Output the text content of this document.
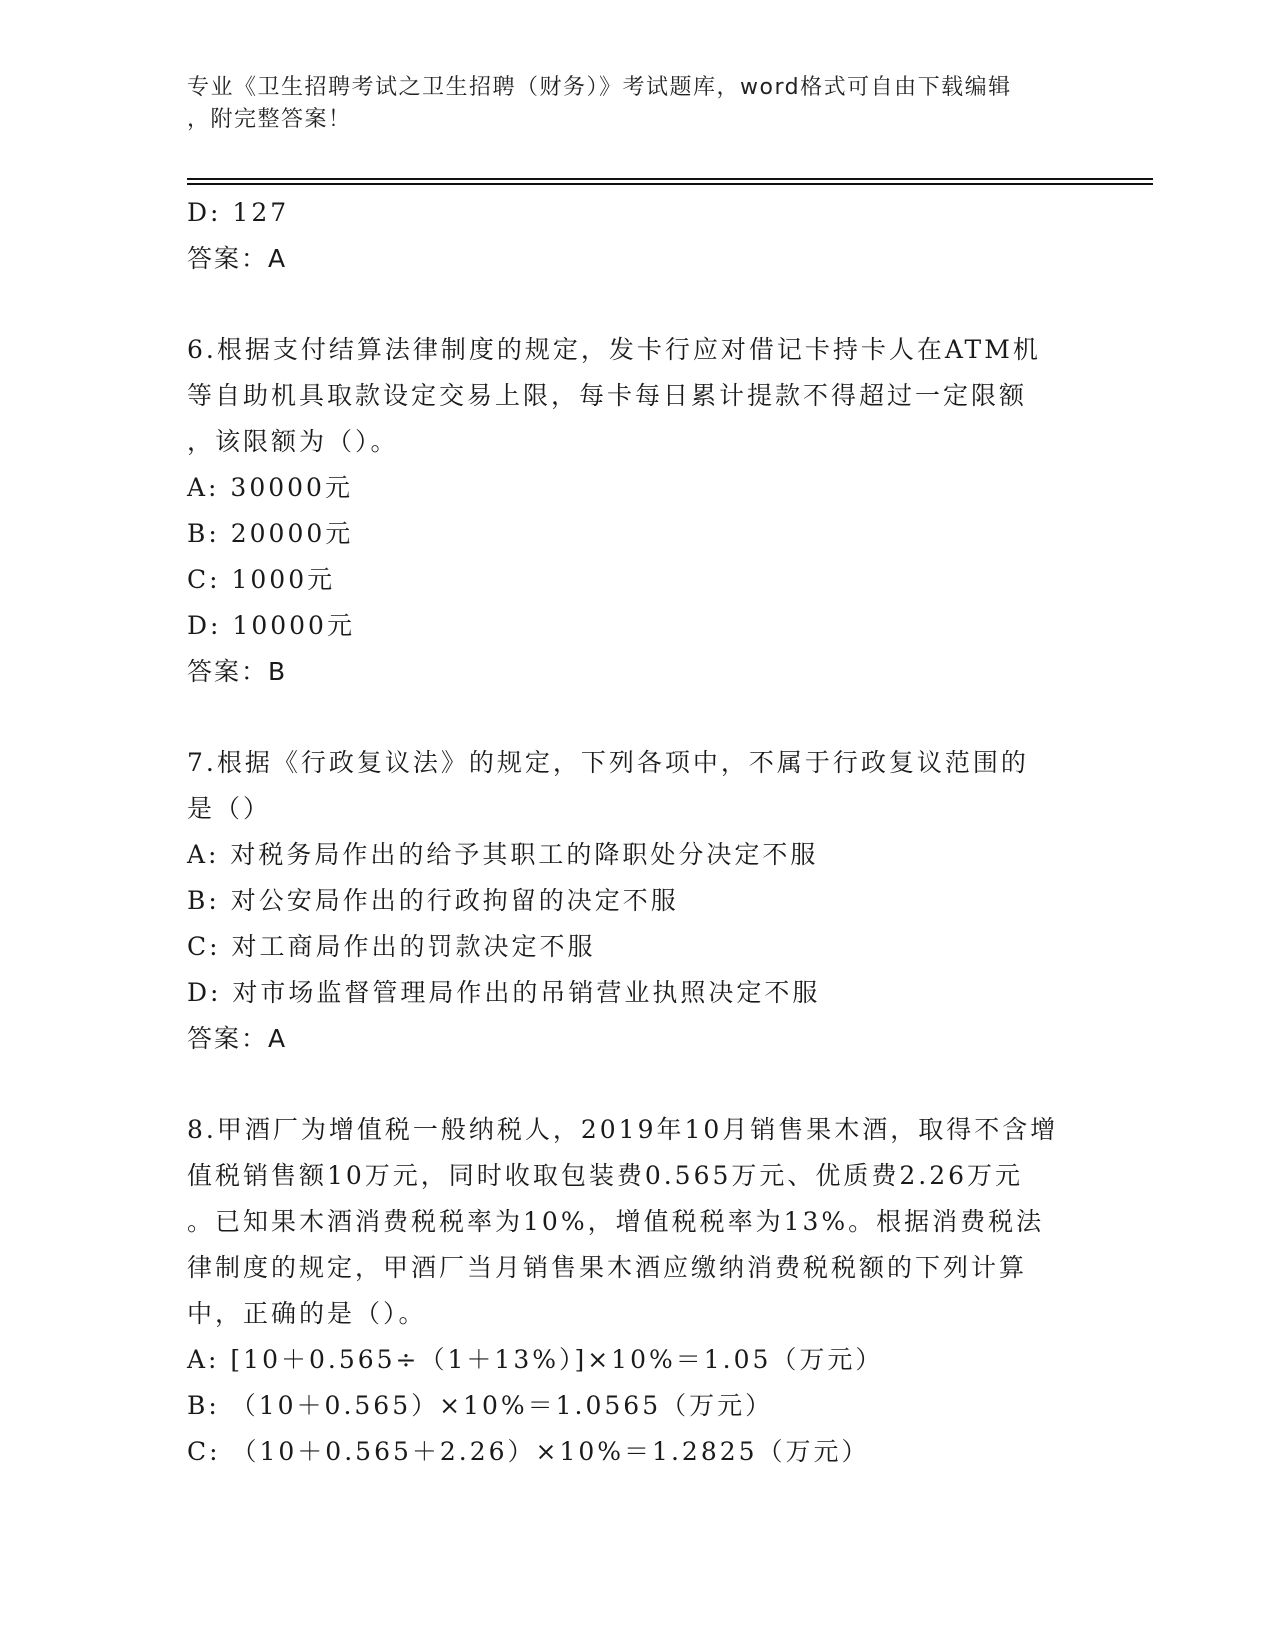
专业《卫生招聘考试之卫生招聘（财务）》考试题库，word格式可自由下载编辑
，附完整答案！
D: 127
答案：A
6.根据支付结算法律制度的规定，发卡行应对借记卡持卡人在ATM机
等自助机具取款设定交易上限，每卡每日累计提款不得超过一定限额
，该限额为（）。
A: 30000元
B: 20000元
C: 1000元
D: 10000元
答案：B
7.根据《行政复议法》的规定，下列各项中，不属于行政复议范围的
是（）
A: 对税务局作出的给予其职工的降职处分决定不服
B: 对公安局作出的行政拘留的决定不服
C: 对工商局作出的罚款决定不服
D: 对市场监督管理局作出的吊销营业执照决定不服
答案：A
8.甲酒厂为增值税一般纳税人，2019年10月销售果木酒，取得不含增
值税销售额10万元，同时收取包装费0.565万元、优质费2.26万元
。已知果木酒消费税税率为10%，增值税税率为13%。根据消费税法
律制度的规定，甲酒厂当月销售果木酒应缴纳消费税税额的下列计算
中，正确的是（）。
A: [10＋0.565÷（1＋13%）]×10%＝1.05（万元）
B: （10＋0.565）×10%＝1.0565（万元）
C: （10＋0.565＋2.26）×10%＝1.2825（万元）
